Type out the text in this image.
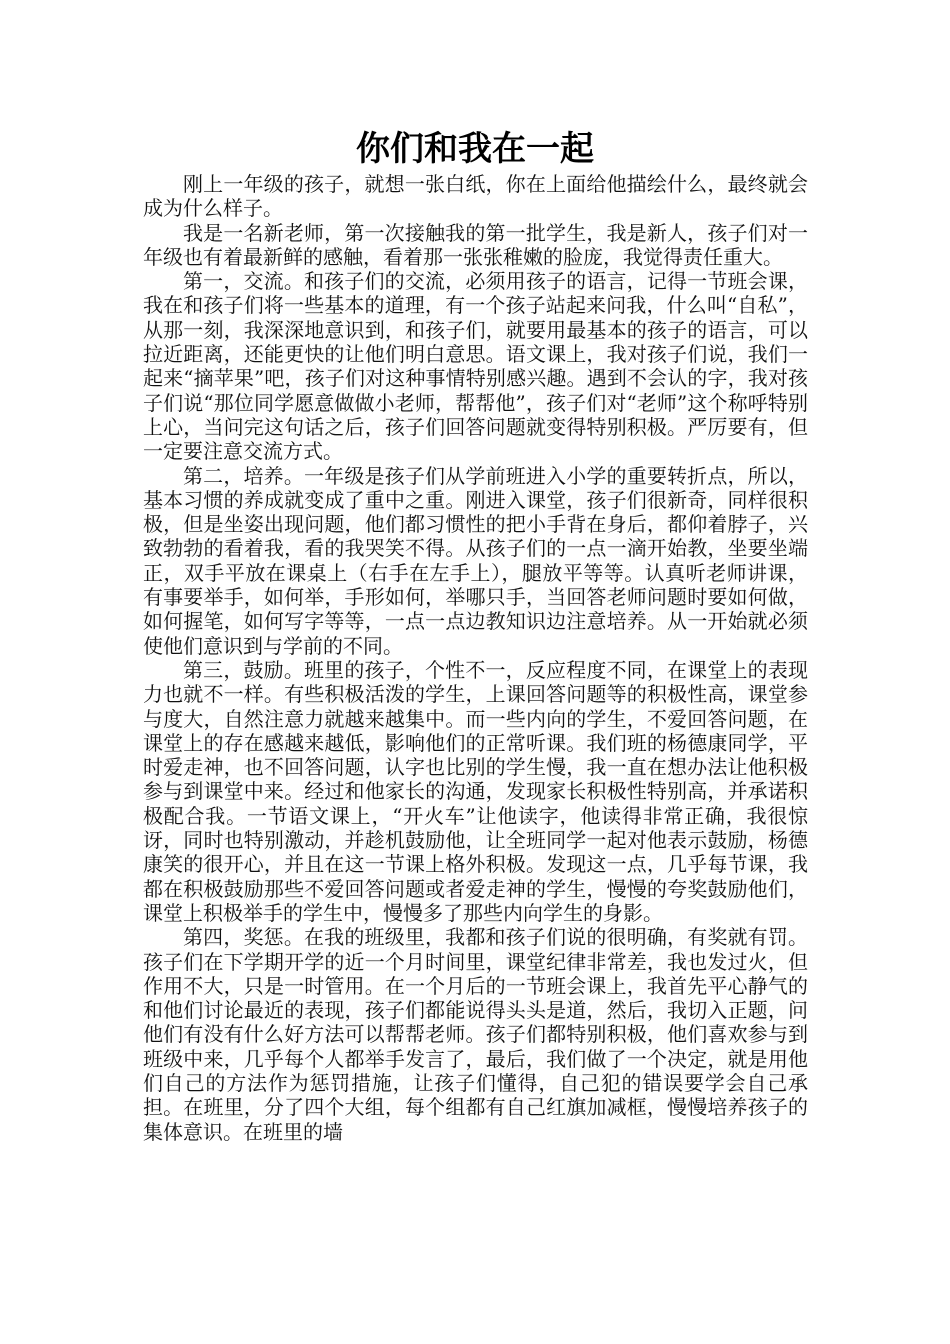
你们和我在一起

刚上一年级的孩子，就想一张白纸，你在上面给他描绘什么，最终就会成为什么样子。

我是一名新老师，第一次接触我的第一批学生，我是新人，孩子们对一年级也有着最新鲜的感触，看着那一张张稚嫩的脸庞，我觉得责任重大。

第一，交流。和孩子们的交流，必须用孩子的语言，记得一节班会课，我在和孩子们将一些基本的道理，有一个孩子站起来问我，什么叫“自私”，从那一刻，我深深地意识到，和孩子们，就要用最基本的孩子的语言，可以拉近距离，还能更快的让他们明白意思。语文课上，我对孩子们说，我们一起来“摘苹果”吧，孩子们对这种事情特别感兴趣。遇到不会认的字，我对孩子们说“那位同学愿意做做小老师，帮帮他”，孩子们对“老师”这个称呼特别上心，当问完这句话之后，孩子们回答问题就变得特别积极。严厉要有，但一定要注意交流方式。

第二，培养。一年级是孩子们从学前班进入小学的重要转折点，所以，基本习惯的养成就变成了重中之重。刚进入课堂，孩子们很新奇，同样很积极，但是坐姿出现问题，他们都习惯性的把小手背在身后，都仰着脖子，兴致勃勃的看着我，看的我哭笑不得。从孩子们的一点一滴开始教，坐要坐端正，双手平放在课桌上（右手在左手上），腿放平等等。认真听老师讲课，有事要举手，如何举，手形如何，举哪只手，当回答老师问题时要如何做，如何握笔，如何写字等等，一点一点边教知识边注意培养。从一开始就必须使他们意识到与学前的不同。

第三，鼓励。班里的孩子，个性不一，反应程度不同，在课堂上的表现力也就不一样。有些积极活泼的学生，上课回答问题等的积极性高，课堂参与度大，自然注意力就越来越集中。而一些内向的学生，不爱回答问题，在课堂上的存在感越来越低，影响他们的正常听课。我们班的杨德康同学，平时爱走神，也不回答问题，认字也比别的学生慢，我一直在想办法让他积极参与到课堂中来。经过和他家长的沟通，发现家长积极性特别高，并承诺积极配合我。一节语文课上，“开火车”让他读字，他读得非常正确，我很惊讶，同时也特别激动，并趁机鼓励他，让全班同学一起对他表示鼓励，杨德康笑的很开心，并且在这一节课上格外积极。发现这一点，几乎每节课，我都在积极鼓励那些不爱回答问题或者爱走神的学生，慢慢的夸奖鼓励他们，课堂上积极举手的学生中，慢慢多了那些内向学生的身影。

第四，奖惩。在我的班级里，我都和孩子们说的很明确，有奖就有罚。孩子们在下学期开学的近一个月时间里，课堂纪律非常差，我也发过火，但作用不大，只是一时管用。在一个月后的一节班会课上，我首先平心静气的和他们讨论最近的表现，孩子们都能说得头头是道，然后，我切入正题，问他们有没有什么好方法可以帮帮老师。孩子们都特别积极，他们喜欢参与到班级中来，几乎每个人都举手发言了，最后，我们做了一个决定，就是用他们自己的方法作为惩罚措施，让孩子们懂得，自己犯的错误要学会自己承担。在班里，分了四个大组，每个组都有自己红旗加减框，慢慢培养孩子的集体意识。在班里的墙
